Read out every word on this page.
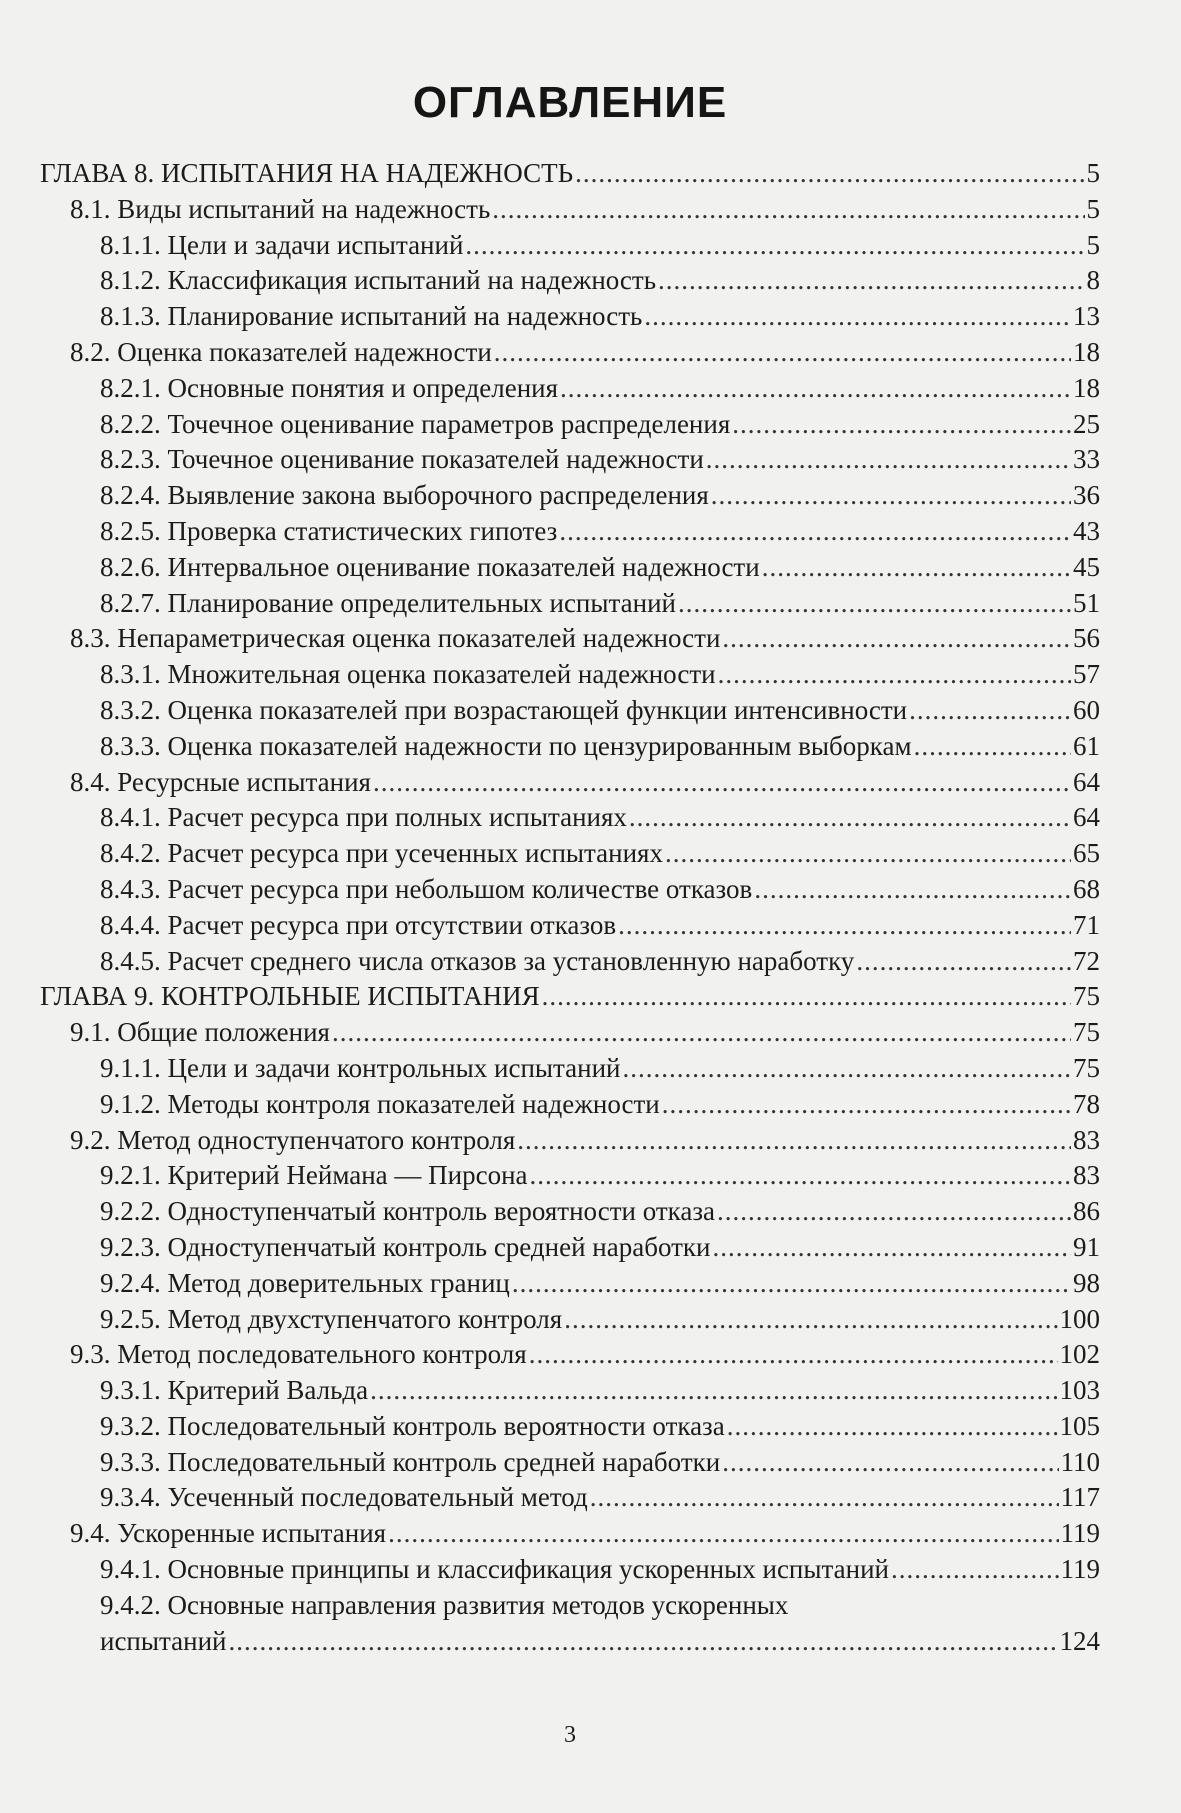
ОГЛАВЛЕНИЕ
ГЛАВА 8. ИСПЫТАНИЯ НА НАДЕЖНОСТЬ .....	5
8.1. Виды испытаний на надежность .....	5
8.1.1. Цели и задачи испытаний .....	5
8.1.2. Классификация испытаний на надежность .....	8
8.1.3. Планирование испытаний на надежность .....	13
8.2. Оценка показателей надежности .....	18
8.2.1. Основные понятия и определения .....	18
8.2.2. Точечное оценивание параметров распределения .....	25
8.2.3. Точечное оценивание показателей надежности .....	33
8.2.4. Выявление закона выборочного распределения .....	36
8.2.5. Проверка статистических гипотез .....	43
8.2.6. Интервальное оценивание показателей надежности .....	45
8.2.7. Планирование определительных испытаний .....	51
8.3. Непараметрическая оценка показателей надежности .....	56
8.3.1. Множительная оценка показателей надежности .....	57
8.3.2. Оценка показателей при возрастающей функции интенсивности .....	60
8.3.3. Оценка показателей надежности по цензурированным выборкам .....	61
8.4. Ресурсные испытания .....	64
8.4.1. Расчет ресурса при полных испытаниях .....	64
8.4.2. Расчет ресурса при усеченных испытаниях .....	65
8.4.3. Расчет ресурса при небольшом количестве отказов .....	68
8.4.4. Расчет ресурса при отсутствии отказов .....	71
8.4.5. Расчет среднего числа отказов за установленную наработку .....	72
ГЛАВА 9. КОНТРОЛЬНЫЕ ИСПЫТАНИЯ .....	75
9.1. Общие положения .....	75
9.1.1. Цели и задачи контрольных испытаний .....	75
9.1.2. Методы контроля показателей надежности .....	78
9.2. Метод одноступенчатого контроля .....	83
9.2.1. Критерий Неймана — Пирсона .....	83
9.2.2. Одноступенчатый контроль вероятности отказа .....	86
9.2.3. Одноступенчатый контроль средней наработки .....	91
9.2.4. Метод доверительных границ .....	98
9.2.5. Метод двухступенчатого контроля .....	100
9.3. Метод последовательного контроля .....	102
9.3.1. Критерий Вальда .....	103
9.3.2. Последовательный контроль вероятности отказа .....	105
9.3.3. Последовательный контроль средней наработки .....	110
9.3.4. Усеченный последовательный метод .....	117
9.4. Ускоренные испытания .....	119
9.4.1. Основные принципы и классификация ускоренных испытаний .....	119
9.4.2. Основные направления развития методов ускоренных
испытаний .....	124
3
